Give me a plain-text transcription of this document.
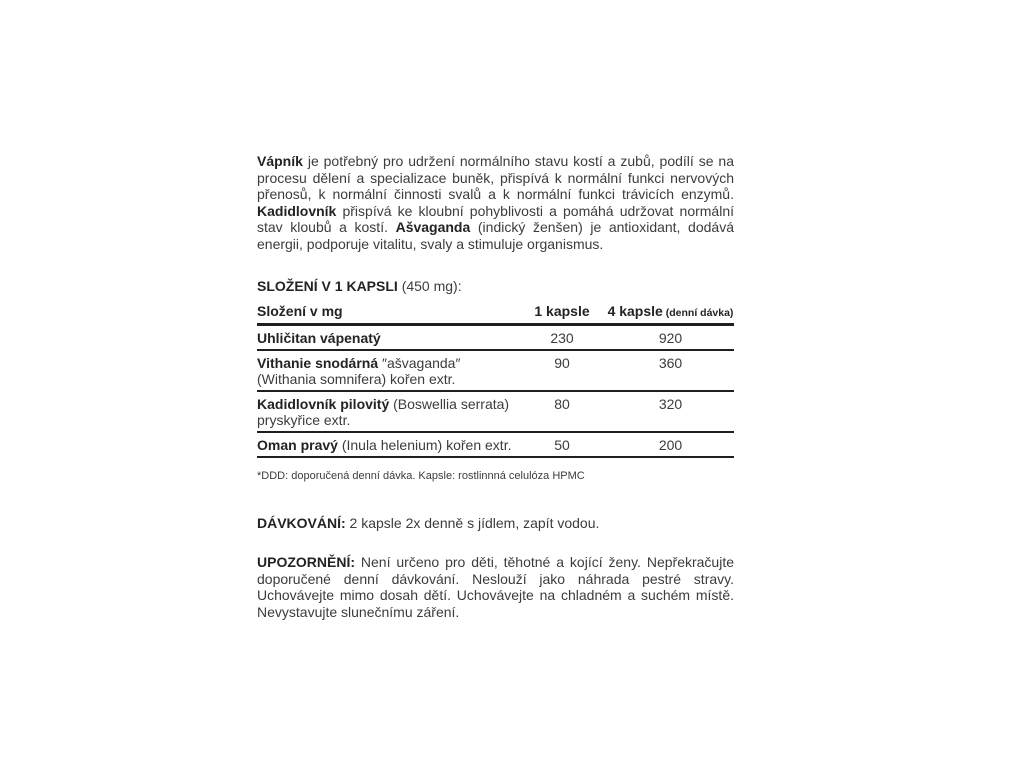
Vápník je potřebný pro udržení normálního stavu kostí a zubů, podílí se na procesu dělení a specializace buněk, přispívá k normální funkci nervových přenosů, k normální činnosti svalů a k normální funkci trávicích enzymů. Kadidlovník přispívá ke kloubní pohyblivosti a pomáhá udržovat normální stav kloubů a kostí. Ašvaganda (indický ženšen) je antioxidant, dodává energii, podporuje vitalitu, svaly a stimuluje organismus.

SLOŽENÍ V 1 KAPSLI (450 mg):
Složení v mg	1 kapsle	4 kapsle (denní dávka)
Uhličitan vápenatý	230	920
Vithanie snodárná ″ašvaganda″
(Withania somnifera) kořen extr.
90	360
Kadidlovník pilovitý (Boswellia serrata)
pryskyřice extr.
80	320
Oman pravý (Inula helenium) kořen extr.	50	200
*DDD: doporučená denní dávka. Kapsle: rostlinnná celulóza HPMC
DÁVKOVÁNÍ: 2 kapsle 2x denně s jídlem, zapít vodou.

UPOZORNĚNÍ: Není určeno pro děti, těhotné a kojící ženy. Nepřekračujte doporučené denní dávkování. Neslouží jako náhrada pestré stravy. Uchovávejte mimo dosah dětí. Uchovávejte na chladném a suchém místě. Nevystavujte slunečnímu záření.
